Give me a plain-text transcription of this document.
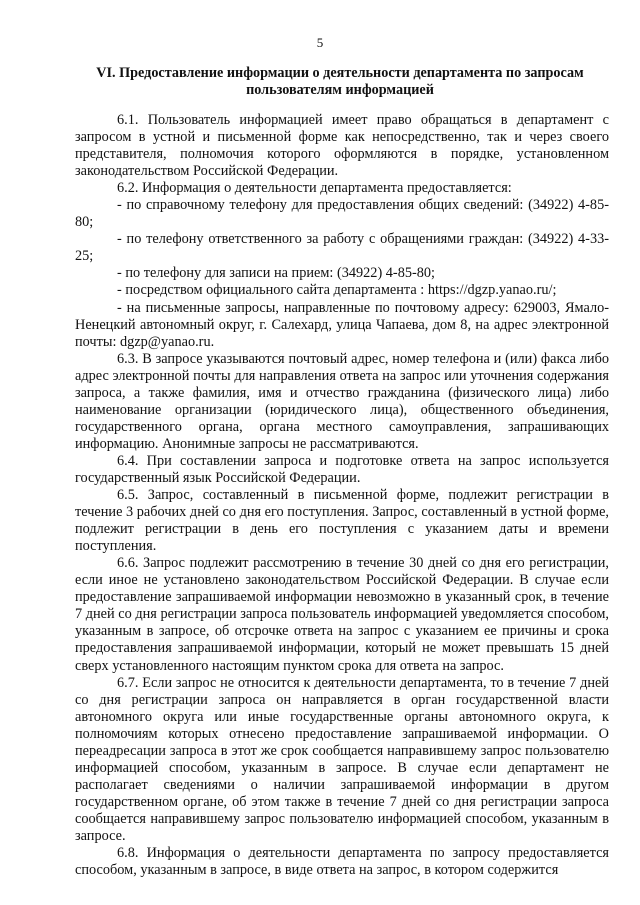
5
VI. Предоставление информации о деятельности департамента по запросам пользователям информацией

6.1. Пользователь информацией имеет право обращаться в департамент с запросом в устной и письменной форме как непосредственно, так и через своего представителя, полномочия которого оформляются в порядке, установленном законодательством Российской Федерации.

6.2. Информация о деятельности департамента предоставляется:

- по справочному телефону для предоставления общих сведений: (34922) 4-85-80;

- по телефону ответственного за работу с обращениями граждан: (34922) 4-33-25;

- по телефону для записи на прием: (34922) 4-85-80;

- посредством официального сайта департамента : https://dgzp.yanao.ru/;

- на письменные запросы, направленные по почтовому адресу: 629003, Ямало-Ненецкий автономный округ, г. Салехард, улица Чапаева, дом 8, на адрес электронной почты: dgzp@yanao.ru.

6.3. В запросе указываются почтовый адрес, номер телефона и (или) факса либо адрес электронной почты для направления ответа на запрос или уточнения содержания запроса, а также фамилия, имя и отчество гражданина (физического лица) либо наименование организации (юридического лица), общественного объединения, государственного органа, органа местного самоуправления, запрашивающих информацию. Анонимные запросы не рассматриваются.

6.4. При составлении запроса и подготовке ответа на запрос используется государственный язык Российской Федерации.

6.5. Запрос, составленный в письменной форме, подлежит регистрации в течение 3 рабочих дней со дня его поступления. Запрос, составленный в устной форме, подлежит регистрации в день его поступления с указанием даты и времени поступления.

6.6. Запрос подлежит рассмотрению в течение 30 дней со дня его регистрации, если иное не установлено законодательством Российской Федерации. В случае если предоставление запрашиваемой информации невозможно в указанный срок, в течение 7 дней со дня регистрации запроса пользователь информацией уведомляется способом, указанным в запросе, об отсрочке ответа на запрос с указанием ее причины и срока предоставления запрашиваемой информации, который не может превышать 15 дней сверх установленного настоящим пунктом срока для ответа на запрос.

6.7. Если запрос не относится к деятельности департамента, то в течение 7 дней со дня регистрации запроса он направляется в орган государственной власти автономного округа или иные государственные органы автономного округа, к полномочиям которых отнесено предоставление запрашиваемой информации. О переадресации запроса в этот же срок сообщается направившему запрос пользователю информацией способом, указанным в запросе. В случае если департамент не располагает сведениями о наличии запрашиваемой информации в другом государственном органе, об этом также в течение 7 дней со дня регистрации запроса сообщается направившему запрос пользователю информацией способом, указанным в запросе.

6.8. Информация о деятельности департамента по запросу предоставляется способом, указанным в запросе, в виде ответа на запрос, в котором содержится
